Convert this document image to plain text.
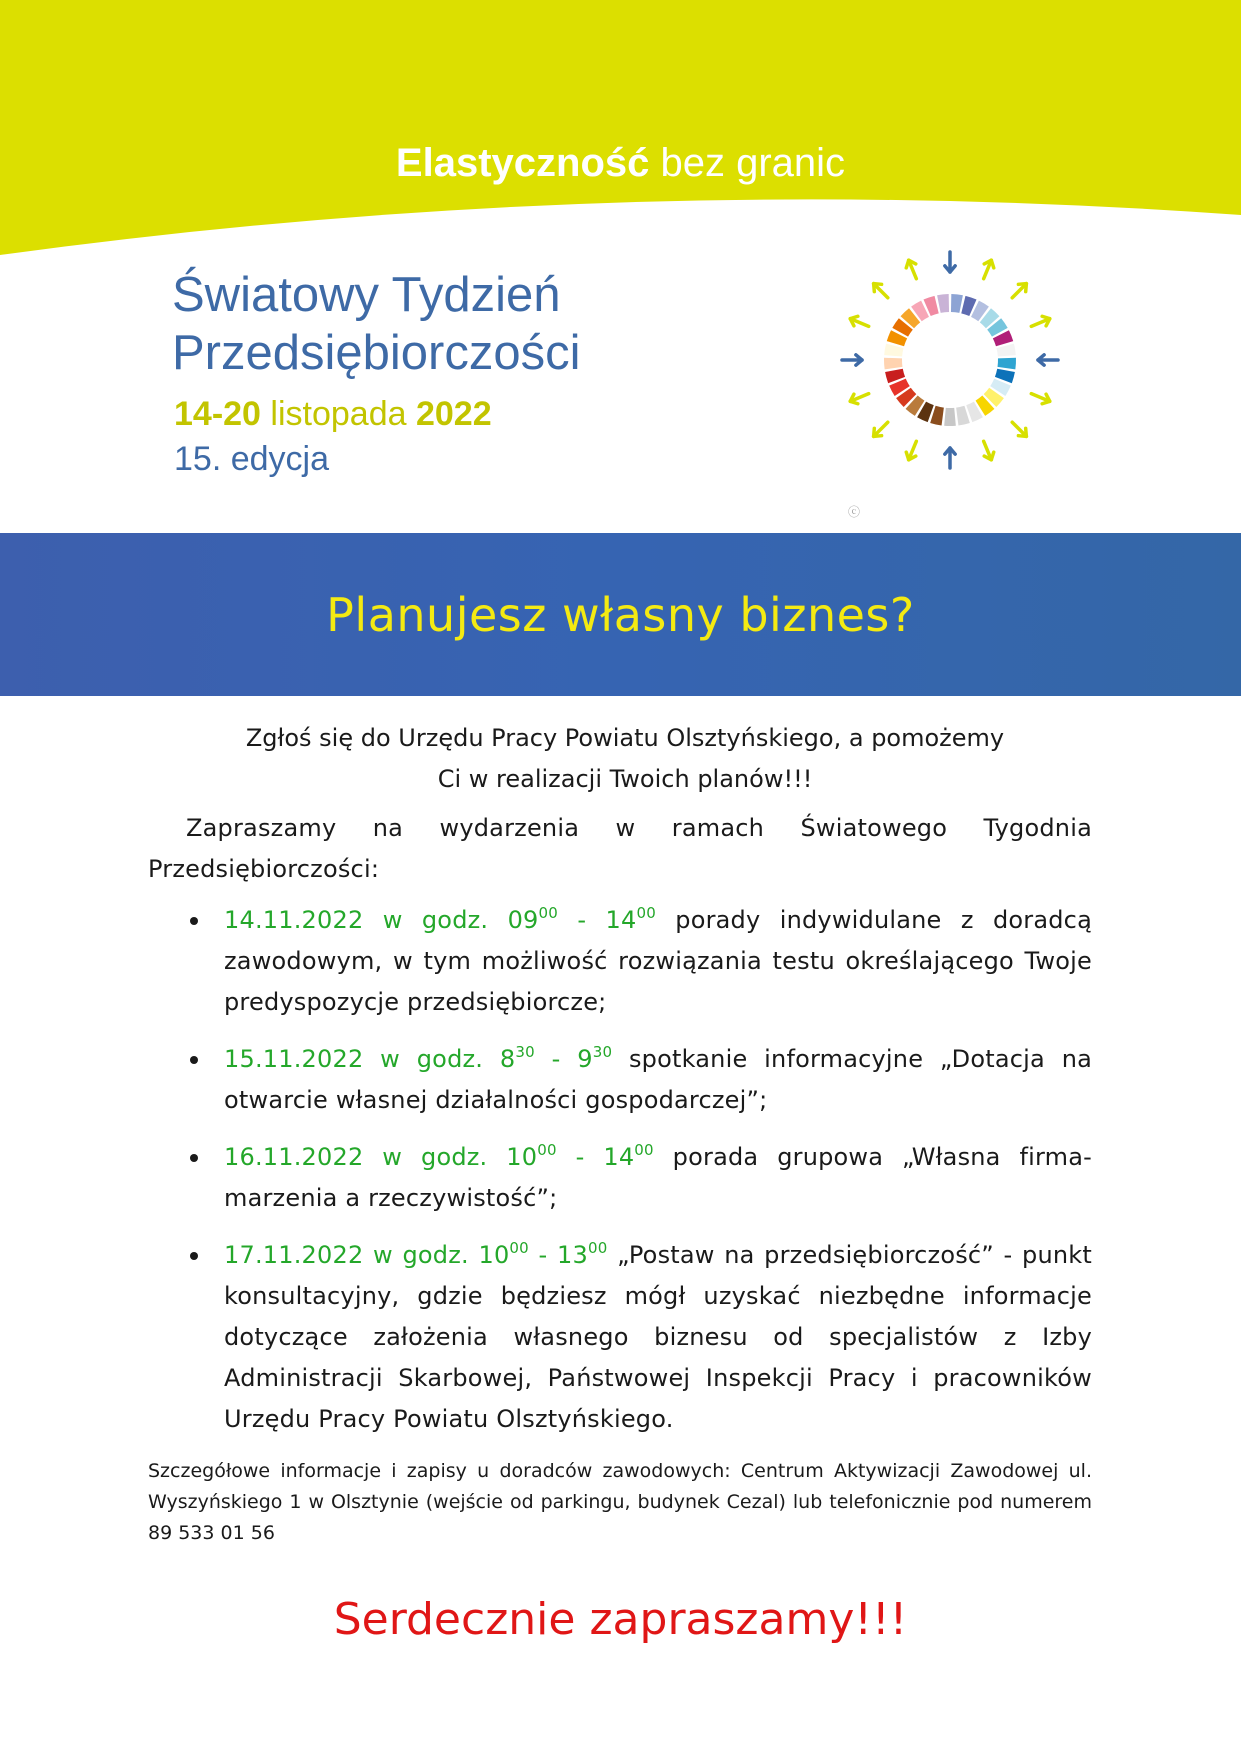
Elastyczność bez granic
Światowy Tydzień
Przedsiębiorczości
14-20 listopada 2022
15. edycja
ⓒ
Planujesz własny biznes?

Zgłoś się do Urzędu Pracy Powiatu Olsztyńskiego, a pomożemy
Ci w realizacji Twoich planów!!!

Zapraszamy na wydarzenia w ramach Światowego Tygodnia Przedsiębiorczości:

14.11.2022 w godz. $09^{00} - 14^{00}$ porady indywidulane z doradcą zawodowym, w tym możliwość rozwiązania testu określającego Twoje predyspozycje przedsiębiorcze;
15.11.2022 w godz. $8^{30} - 9^{30}$ spotkanie informacyjne „Dotacja na otwarcie własnej działalności gospodarczej”;
16.11.2022 w godz. $10^{00} - 14^{00}$ porada grupowa „Własna firma-marzenia a rzeczywistość”;
17.11.2022 w godz. $10^{00} - 13^{00}$ „Postaw na przedsiębiorczość” - punkt konsultacyjny, gdzie będziesz mógł uzyskać niezbędne informacje dotyczące założenia własnego biznesu od specjalistów z Izby Administracji Skarbowej, Państwowej Inspekcji Pracy i pracowników Urzędu Pracy Powiatu Olsztyńskiego.

Szczegółowe informacje i zapisy u doradców zawodowych: Centrum Aktywizacji Zawodowej ul. Wyszyńskiego 1 w Olsztynie (wejście od parkingu, budynek Cezal) lub telefonicznie pod numerem 89 533 01 56

Serdecznie zapraszamy!!!
